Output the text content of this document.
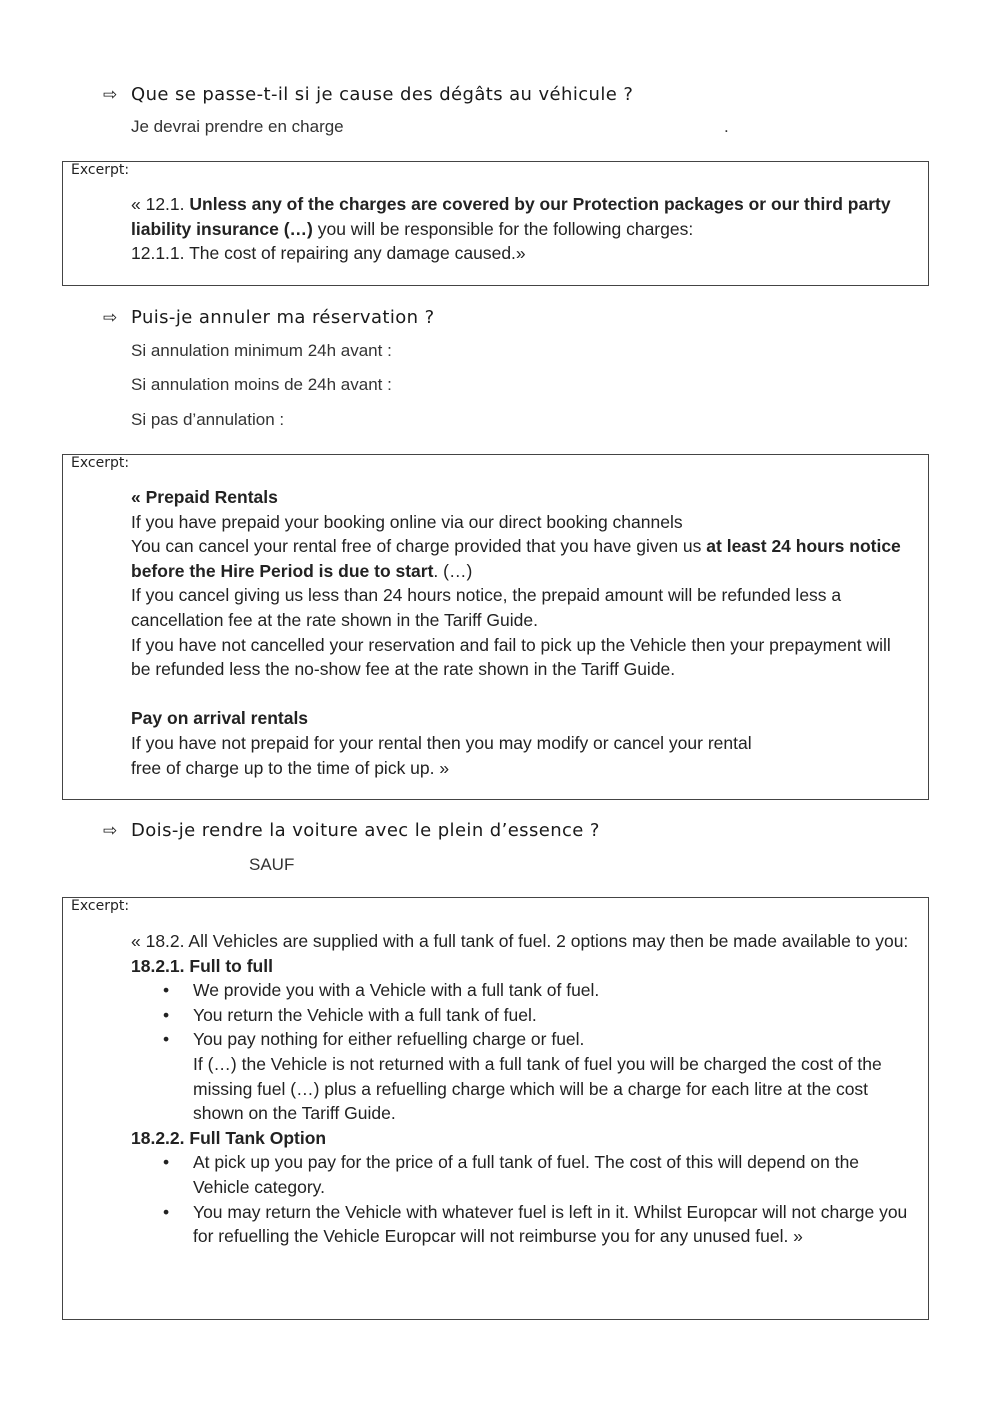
⇨ Que se passe-t-il si je cause des dégâts au véhicule ?
Je devrai prendre en charge	.
Excerpt:

« 12.1. Unless any of the charges are covered by our Protection packages or our third party liability insurance (…) you will be responsible for the following charges:

12.1.1. The cost of repairing any damage caused.»

⇨ Puis-je annuler ma réservation ?
Si annulation minimum 24h avant :
Si annulation moins de 24h avant :
Si pas d’annulation :
Excerpt:

« Prepaid Rentals

If you have prepaid your booking online via our direct booking channels

You can cancel your rental free of charge provided that you have given us at least 24 hours notice before the Hire Period is due to start. (…)

If you cancel giving us less than 24 hours notice, the prepaid amount will be refunded less a cancellation fee at the rate shown in the Tariff Guide.

If you have not cancelled your reservation and fail to pick up the Vehicle then your prepayment will be refunded less the no-show fee at the rate shown in the Tariff Guide.

Pay on arrival rentals

If you have not prepaid for your rental then you may modify or cancel your rental

free of charge up to the time of pick up. »

⇨ Dois-je rendre la voiture avec le plein d’essence ?
SAUF
Excerpt:

« 18.2. All Vehicles are supplied with a full tank of fuel. 2 options may then be made available to you:

18.2.1. Full to full

• We provide you with a Vehicle with a full tank of fuel.
• You return the Vehicle with a full tank of fuel.
• You pay nothing for either refuelling charge or fuel.

If (…) the Vehicle is not returned with a full tank of fuel you will be charged the cost of the missing fuel (…) plus a refuelling charge which will be a charge for each litre at the cost shown on the Tariff Guide.

18.2.2. Full Tank Option

• At pick up you pay for the price of a full tank of fuel. The cost of this will depend on the Vehicle category.
• You may return the Vehicle with whatever fuel is left in it. Whilst Europcar will not charge you for refuelling the Vehicle Europcar will not reimburse you for any unused fuel. »
